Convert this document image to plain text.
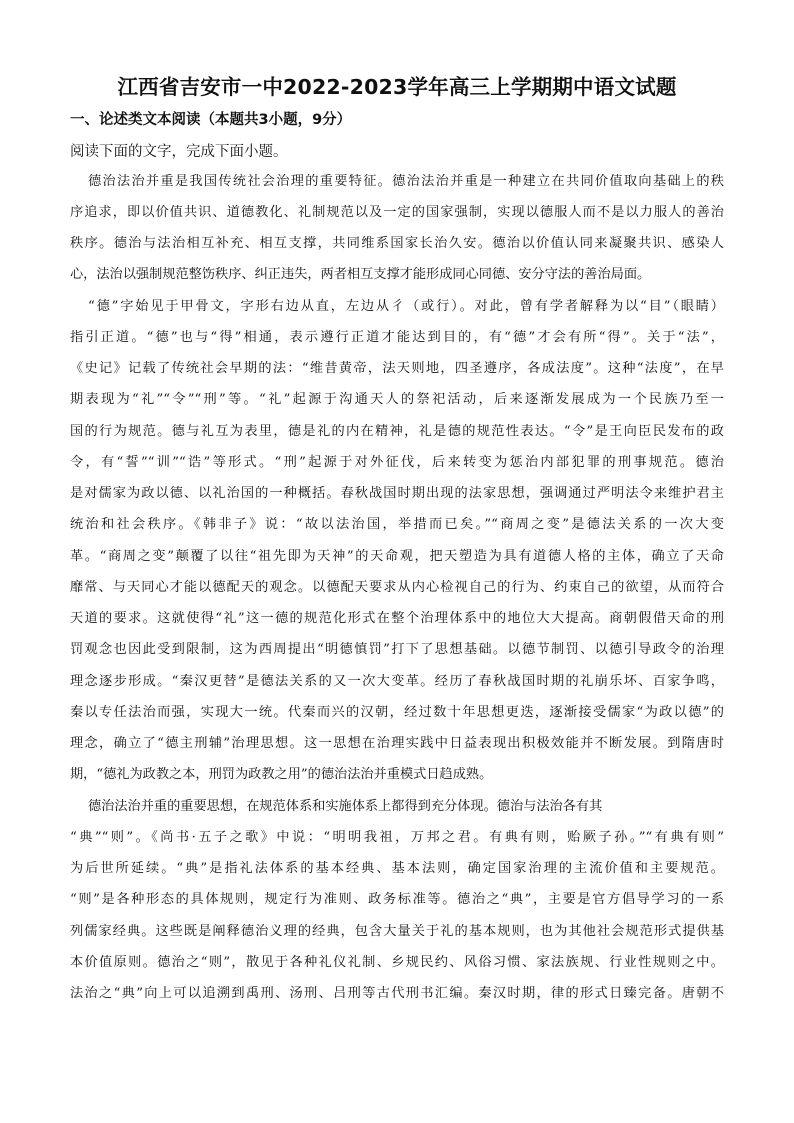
江西省吉安市一中2022-2023学年高三上学期期中语文试题
一、论述类文本阅读（本题共3小题，9分）
阅读下面的文字，完成下面小题。
德治法治并重是我国传统社会治理的重要特征。德治法治并重是一种建立在共同价值取向基础上的秩
序追求，即以价值共识、道德教化、礼制规范以及一定的国家强制，实现以德服人而不是以力服人的善治
秩序。德治与法治相互补充、相互支撑，共同维系国家长治久安。德治以价值认同来凝聚共识、感染人
心，法治以强制规范整饬秩序、纠正违失，两者相互支撑才能形成同心同德、安分守法的善治局面。
“德”字始见于甲骨文，字形右边从直，左边从彳（或行）。对此，曾有学者解释为以“目”（眼睛）
指引正道。“德”也与“得”相通，表示遵行正道才能达到目的，有“德”才会有所“得”。关于“法”，
《史记》记载了传统社会早期的法：“维昔黄帝，法天则地，四圣遵序，各成法度”。这种“法度”，在早
期表现为“礼”“令”“刑”等。“礼”起源于沟通天人的祭祀活动，后来逐渐发展成为一个民族乃至一
国的行为规范。德与礼互为表里，德是礼的内在精神，礼是德的规范性表达。“令”是王向臣民发布的政
令，有“誓”“训”“诰”等形式。“刑”起源于对外征伐，后来转变为惩治内部犯罪的刑事规范。德治
是对儒家为政以德、以礼治国的一种概括。春秋战国时期出现的法家思想，强调通过严明法令来维护君主
统治和社会秩序。《韩非子》说：“故以法治国，举措而已矣。”“商周之变”是德法关系的一次大变
革。“商周之变”颠覆了以往“祖先即为天神”的天命观，把天塑造为具有道德人格的主体，确立了天命
靡常、与天同心才能以德配天的观念。以德配天要求从内心检视自己的行为、约束自己的欲望，从而符合
天道的要求。这就使得“礼”这一德的规范化形式在整个治理体系中的地位大大提高。商朝假借天命的刑
罚观念也因此受到限制，这为西周提出“明德慎罚”打下了思想基础。以德节制罚、以德引导政令的治理
理念逐步形成。“秦汉更替”是德法关系的又一次大变革。经历了春秋战国时期的礼崩乐坏、百家争鸣，
秦以专任法治而强，实现大一统。代秦而兴的汉朝，经过数十年思想更迭，逐渐接受儒家“为政以德”的
理念，确立了“德主刑辅”治理思想。这一思想在治理实践中日益表现出积极效能并不断发展。到隋唐时
期，“德礼为政教之本，刑罚为政教之用”的德治法治并重模式日趋成熟。
德治法治并重的重要思想，在规范体系和实施体系上都得到充分体现。德治与法治各有其
“典”“则”。《尚书·五子之歌》中说：“明明我祖，万邦之君。有典有则，贻厥子孙。”“有典有则”
为后世所延续。“典”是指礼法体系的基本经典、基本法则，确定国家治理的主流价值和主要规范。
“则”是各种形态的具体规则，规定行为准则、政务标准等。德治之“典”，主要是官方倡导学习的一系
列儒家经典。这些既是阐释德治义理的经典，包含大量关于礼的基本规则，也为其他社会规范形式提供基
本价值原则。德治之“则”，散见于各种礼仪礼制、乡规民约、风俗习惯、家法族规、行业性规则之中。
法治之“典”向上可以追溯到禹刑、汤刑、吕刑等古代刑书汇编。秦汉时期，律的形式日臻完备。唐朝不
